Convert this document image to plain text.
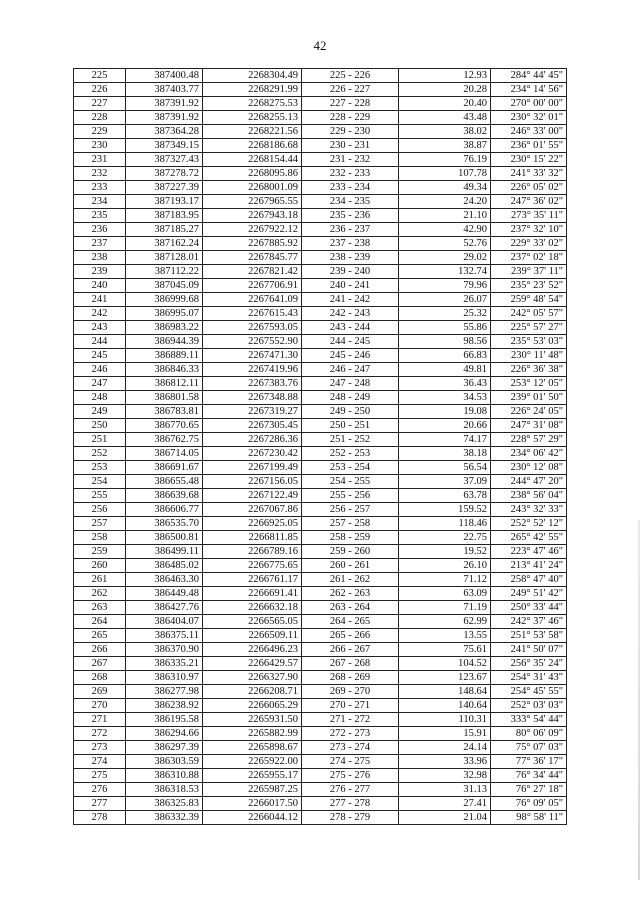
42
225	387400.48	2268304.49	225 - 226	12.93	284° 44' 45"
226	387403.77	2268291.99	226 - 227	20.28	234° 14' 56"
227	387391.92	2268275.53	227 - 228	20.40	270° 00' 00"
228	387391.92	2268255.13	228 - 229	43.48	230° 32' 01"
229	387364.28	2268221.56	229 - 230	38.02	246° 33' 00"
230	387349.15	2268186.68	230 - 231	38.87	236° 01' 55"
231	387327.43	2268154.44	231 - 232	76.19	230° 15' 22"
232	387278.72	2268095.86	232 - 233	107.78	241° 33' 32"
233	387227.39	2268001.09	233 - 234	49.34	226° 05' 02"
234	387193.17	2267965.55	234 - 235	24.20	247° 36' 02"
235	387183.95	2267943.18	235 - 236	21.10	273° 35' 11"
236	387185.27	2267922.12	236 - 237	42.90	237° 32' 10"
237	387162.24	2267885.92	237 - 238	52.76	229° 33' 02"
238	387128.01	2267845.77	238 - 239	29.02	237° 02' 18"
239	387112.22	2267821.42	239 - 240	132.74	239° 37' 11"
240	387045.09	2267706.91	240 - 241	79.96	235° 23' 52"
241	386999.68	2267641.09	241 - 242	26.07	259° 48' 54"
242	386995.07	2267615.43	242 - 243	25.32	242° 05' 57"
243	386983.22	2267593.05	243 - 244	55.86	225° 57' 27"
244	386944.39	2267552.90	244 - 245	98.56	235° 53' 03"
245	386889.11	2267471.30	245 - 246	66.83	230° 11' 48"
246	386846.33	2267419.96	246 - 247	49.81	226° 36' 38"
247	386812.11	2267383.76	247 - 248	36.43	253° 12' 05"
248	386801.58	2267348.88	248 - 249	34.53	239° 01' 50"
249	386783.81	2267319.27	249 - 250	19.08	226° 24' 05"
250	386770.65	2267305.45	250 - 251	20.66	247° 31' 08"
251	386762.75	2267286.36	251 - 252	74.17	228° 57' 29"
252	386714.05	2267230.42	252 - 253	38.18	234° 06' 42"
253	386691.67	2267199.49	253 - 254	56.54	230° 12' 08"
254	386655.48	2267156.05	254 - 255	37.09	244° 47' 20"
255	386639.68	2267122.49	255 - 256	63.78	238° 56' 04"
256	386606.77	2267067.86	256 - 257	159.52	243° 32' 33"
257	386535.70	2266925.05	257 - 258	118.46	252° 52' 12"
258	386500.81	2266811.85	258 - 259	22.75	265° 42' 55"
259	386499.11	2266789.16	259 - 260	19.52	223° 47' 46"
260	386485.02	2266775.65	260 - 261	26.10	213° 41' 24"
261	386463.30	2266761.17	261 - 262	71.12	258° 47' 40"
262	386449.48	2266691.41	262 - 263	63.09	249° 51' 42"
263	386427.76	2266632.18	263 - 264	71.19	250° 33' 44"
264	386404.07	2266565.05	264 - 265	62.99	242° 37' 46"
265	386375.11	2266509.11	265 - 266	13.55	251° 53' 58"
266	386370.90	2266496.23	266 - 267	75.61	241° 50' 07"
267	386335.21	2266429.57	267 - 268	104.52	256° 35' 24"
268	386310.97	2266327.90	268 - 269	123.67	254° 31' 43"
269	386277.98	2266208.71	269 - 270	148.64	254° 45' 55"
270	386238.92	2266065.29	270 - 271	140.64	252° 03' 03"
271	386195.58	2265931.50	271 - 272	110.31	333° 54' 44"
272	386294.66	2265882.99	272 - 273	15.91	80° 06' 09"
273	386297.39	2265898.67	273 - 274	24.14	75° 07' 03"
274	386303.59	2265922.00	274 - 275	33.96	77° 36' 17"
275	386310.88	2265955.17	275 - 276	32.98	76° 34' 44"
276	386318.53	2265987.25	276 - 277	31.13	76° 27' 18"
277	386325.83	2266017.50	277 - 278	27.41	76° 09' 05"
278	386332.39	2266044.12	278 - 279	21.04	98° 58' 11"
